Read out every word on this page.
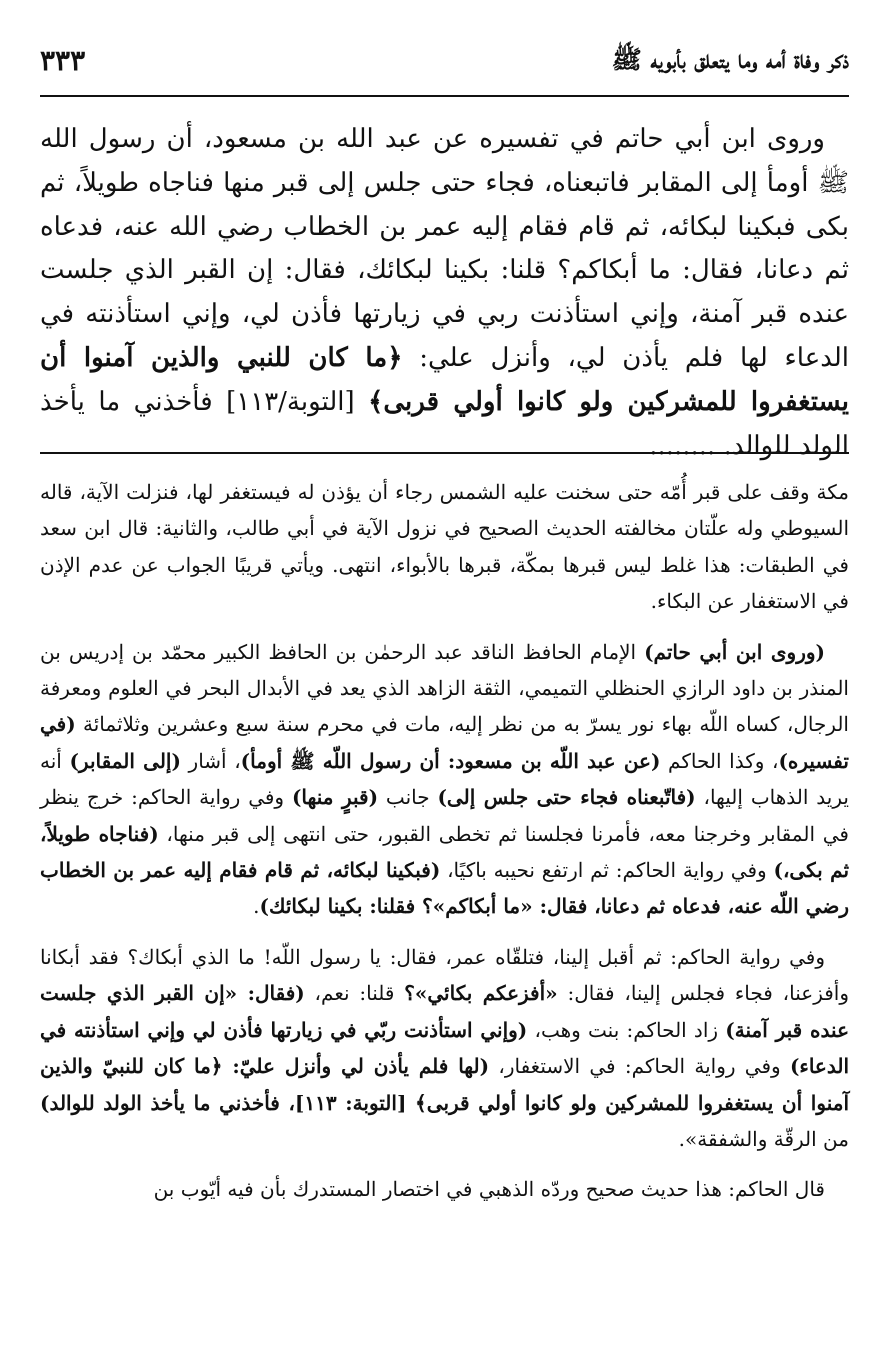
ذكر وفاة أمه وما يتعلق بأبويه ﷺ
٣٣٣

وروى ابن أبي حاتم في تفسيره عن عبد الله بن مسعود، أن رسول الله ﷺ أومأ إلى المقابر فاتبعناه، فجاء حتى جلس إلى قبر منها فناجاه طويلاً، ثم بكى فبكينا لبكائه، ثم قام فقام إليه عمر بن الخطاب رضي الله عنه، فدعاه ثم دعانا، فقال: ما أبكاكم؟ قلنا: بكينا لبكائك، فقال: إن القبر الذي جلست عنده قبر آمنة، وإني استأذنت ربي في زيارتها فأذن لي، وإني استأذنته في الدعاء لها فلم يأذن لي، وأنزل علي: ﴿ما كان للنبي والذين آمنوا أن يستغفروا للمشركين ولو كانوا أولي قربى﴾ [التوبة/١١٣] فأخذني ما يأخذ الولد للوالد. ........

مكة وقف على قبر أُمّه حتى سخنت عليه الشمس رجاء أن يؤذن له فيستغفر لها، فنزلت الآية، قاله السيوطي وله علّتان مخالفته الحديث الصحيح في نزول الآية في أبي طالب، والثانية: قال ابن سعد في الطبقات: هذا غلط ليس قبرها بمكّة، قبرها بالأبواء، انتهى. ويأتي قريبًا الجواب عن عدم الإذن في الاستغفار عن البكاء.

(وروى ابن أبي حاتم) الإمام الحافظ الناقد عبد الرحمٰن بن الحافظ الكبير محمّد بن إدريس بن المنذر بن داود الرازي الحنظلي التميمي، الثقة الزاهد الذي يعد في الأبدال البحر في العلوم ومعرفة الرجال، كساه اللّه بهاء نور يسرّ به من نظر إليه، مات في محرم سنة سبع وعشرين وثلاثمائة (في تفسيره)، وكذا الحاكم (عن عبد اللّه بن مسعود: أن رسول اللّه ﷺ أومأ)، أشار (إلى المقابر) أنه يريد الذهاب إليها، (فاتّبعناه فجاء حتى جلس إلى) جانب (قبرٍ منها) وفي رواية الحاكم: خرج ينظر في المقابر وخرجنا معه، فأمرنا فجلسنا ثم تخطى القبور، حتى انتهى إلى قبر منها، (فناجاه طويلاً، ثم بكى،) وفي رواية الحاكم: ثم ارتفع نحيبه باكيًا، (فبكينا لبكائه، ثم قام فقام إليه عمر بن الخطاب رضي اللّه عنه، فدعاه ثم دعانا، فقال: «ما أبكاكم»؟ فقلنا: بكينا لبكائك).

وفي رواية الحاكم: ثم أقبل إلينا، فتلقّاه عمر، فقال: يا رسول اللّه! ما الذي أبكاك؟ فقد أبكانا وأفزعنا، فجاء فجلس إلينا، فقال: «أفزعكم بكائي»؟ قلنا: نعم، (فقال: «إن القبر الذي جلست عنده قبر آمنة) زاد الحاكم: بنت وهب، (وإني استأذنت ربّي في زيارتها فأذن لي وإني استأذنته في الدعاء) وفي رواية الحاكم: في الاستغفار، (لها فلم يأذن لي وأنزل عليّ: ﴿ما كان للنبيّ والذين آمنوا أن يستغفروا للمشركين ولو كانوا أولي قربى﴾ [التوبة: ١١٣]، فأخذني ما يأخذ الولد للوالد) من الرقّة والشفقة».

قال الحاكم: هذا حديث صحيح وردّه الذهبي في اختصار المستدرك بأن فيه أيّوب بن
